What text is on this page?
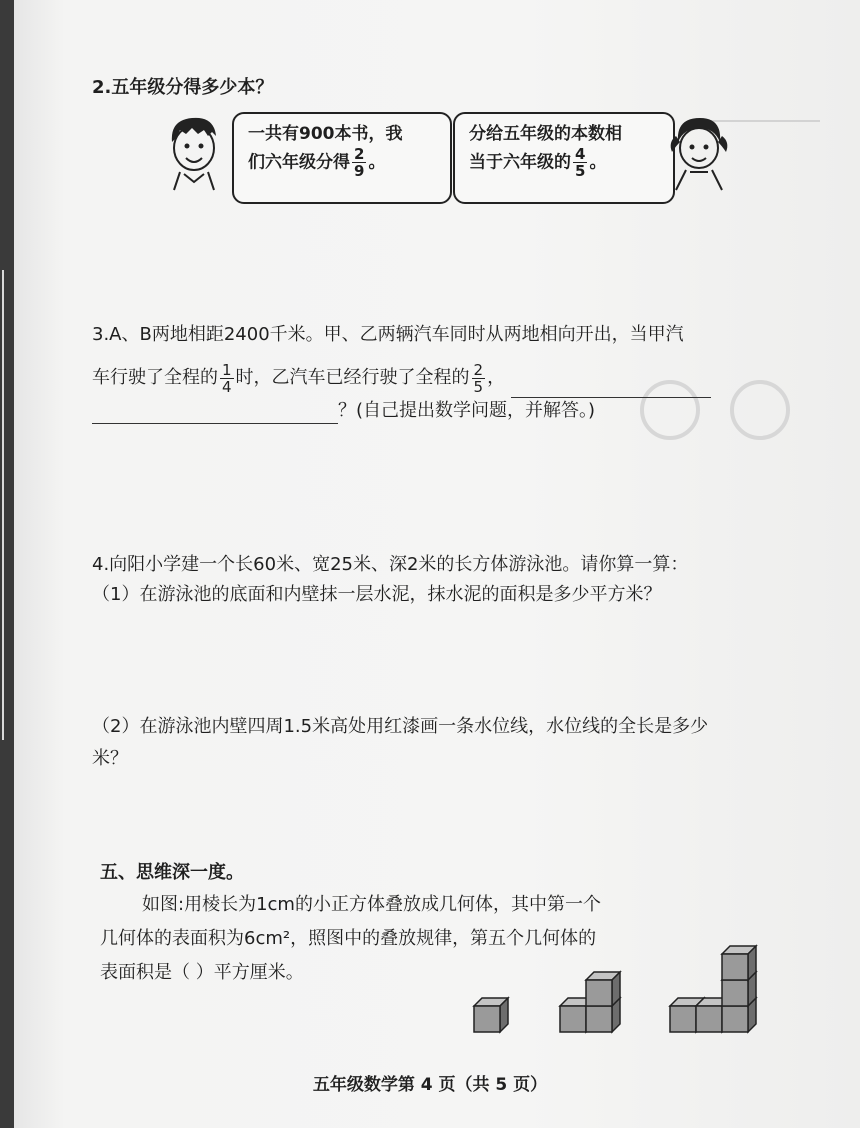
2.五年级分得多少本？
一共有900本书，我
们六年级分得 $\frac{2}{9}$ 。
分给五年级的本数相
当于六年级的 $\frac{4}{5}$ 。
3.A、B两地相距2400千米。甲、乙两辆汽车同时从两地相向开出，当甲汽
车行驶了全程的 $\frac{1}{4}$ 时，乙汽车已经行驶了全程的 $\frac{2}{5}$ ，
？(自己提出数学问题，并解答。)
4.向阳小学建一个长60米、宽25米、深2米的长方体游泳池。请你算一算：
（1）在游泳池的底面和内壁抹一层水泥，抹水泥的面积是多少平方米？
（2）在游泳池内壁四周1.5米高处用红漆画一条水位线，水位线的全长是多少
米？
五、思维深一度。
如图:用棱长为1cm的小正方体叠放成几何体，其中第一个
几何体的表面积为6cm²，照图中的叠放规律，第五个几何体的
表面积是（ ）平方厘米。
五年级数学第 4 页（共 5 页）
